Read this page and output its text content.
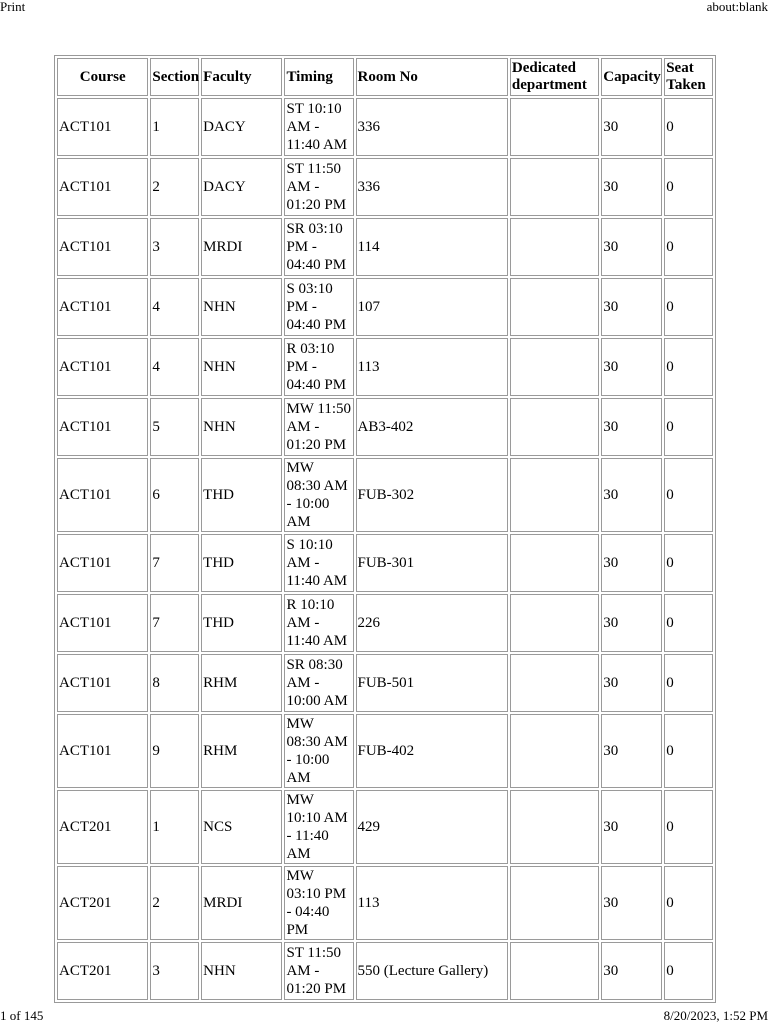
Print	about:blank
Course	Section	Faculty	Timing	Room No	Dedicated department	Capacity	Seat Taken
ACT101	1	DACY	ST 10:10 AM - 11:40 AM	336		30	0
ACT101	2	DACY	ST 11:50 AM - 01:20 PM	336		30	0
ACT101	3	MRDI	SR 03:10 PM - 04:40 PM	114		30	0
ACT101	4	NHN	S 03:10 PM - 04:40 PM	107		30	0
ACT101	4	NHN	R 03:10 PM - 04:40 PM	113		30	0
ACT101	5	NHN	MW 11:50 AM - 01:20 PM	AB3-402		30	0
ACT101	6	THD	MW 08:30 AM - 10:00 AM	FUB-302		30	0
ACT101	7	THD	S 10:10 AM - 11:40 AM	FUB-301		30	0
ACT101	7	THD	R 10:10 AM - 11:40 AM	226		30	0
ACT101	8	RHM	SR 08:30 AM - 10:00 AM	FUB-501		30	0
ACT101	9	RHM	MW 08:30 AM - 10:00 AM	FUB-402		30	0
ACT201	1	NCS	MW 10:10 AM - 11:40 AM	429		30	0
ACT201	2	MRDI	MW 03:10 PM - 04:40 PM	113		30	0
ACT201	3	NHN	ST 11:50 AM - 01:20 PM	550 (Lecture Gallery)		30	0
1 of 145	8/20/2023, 1:52 PM
